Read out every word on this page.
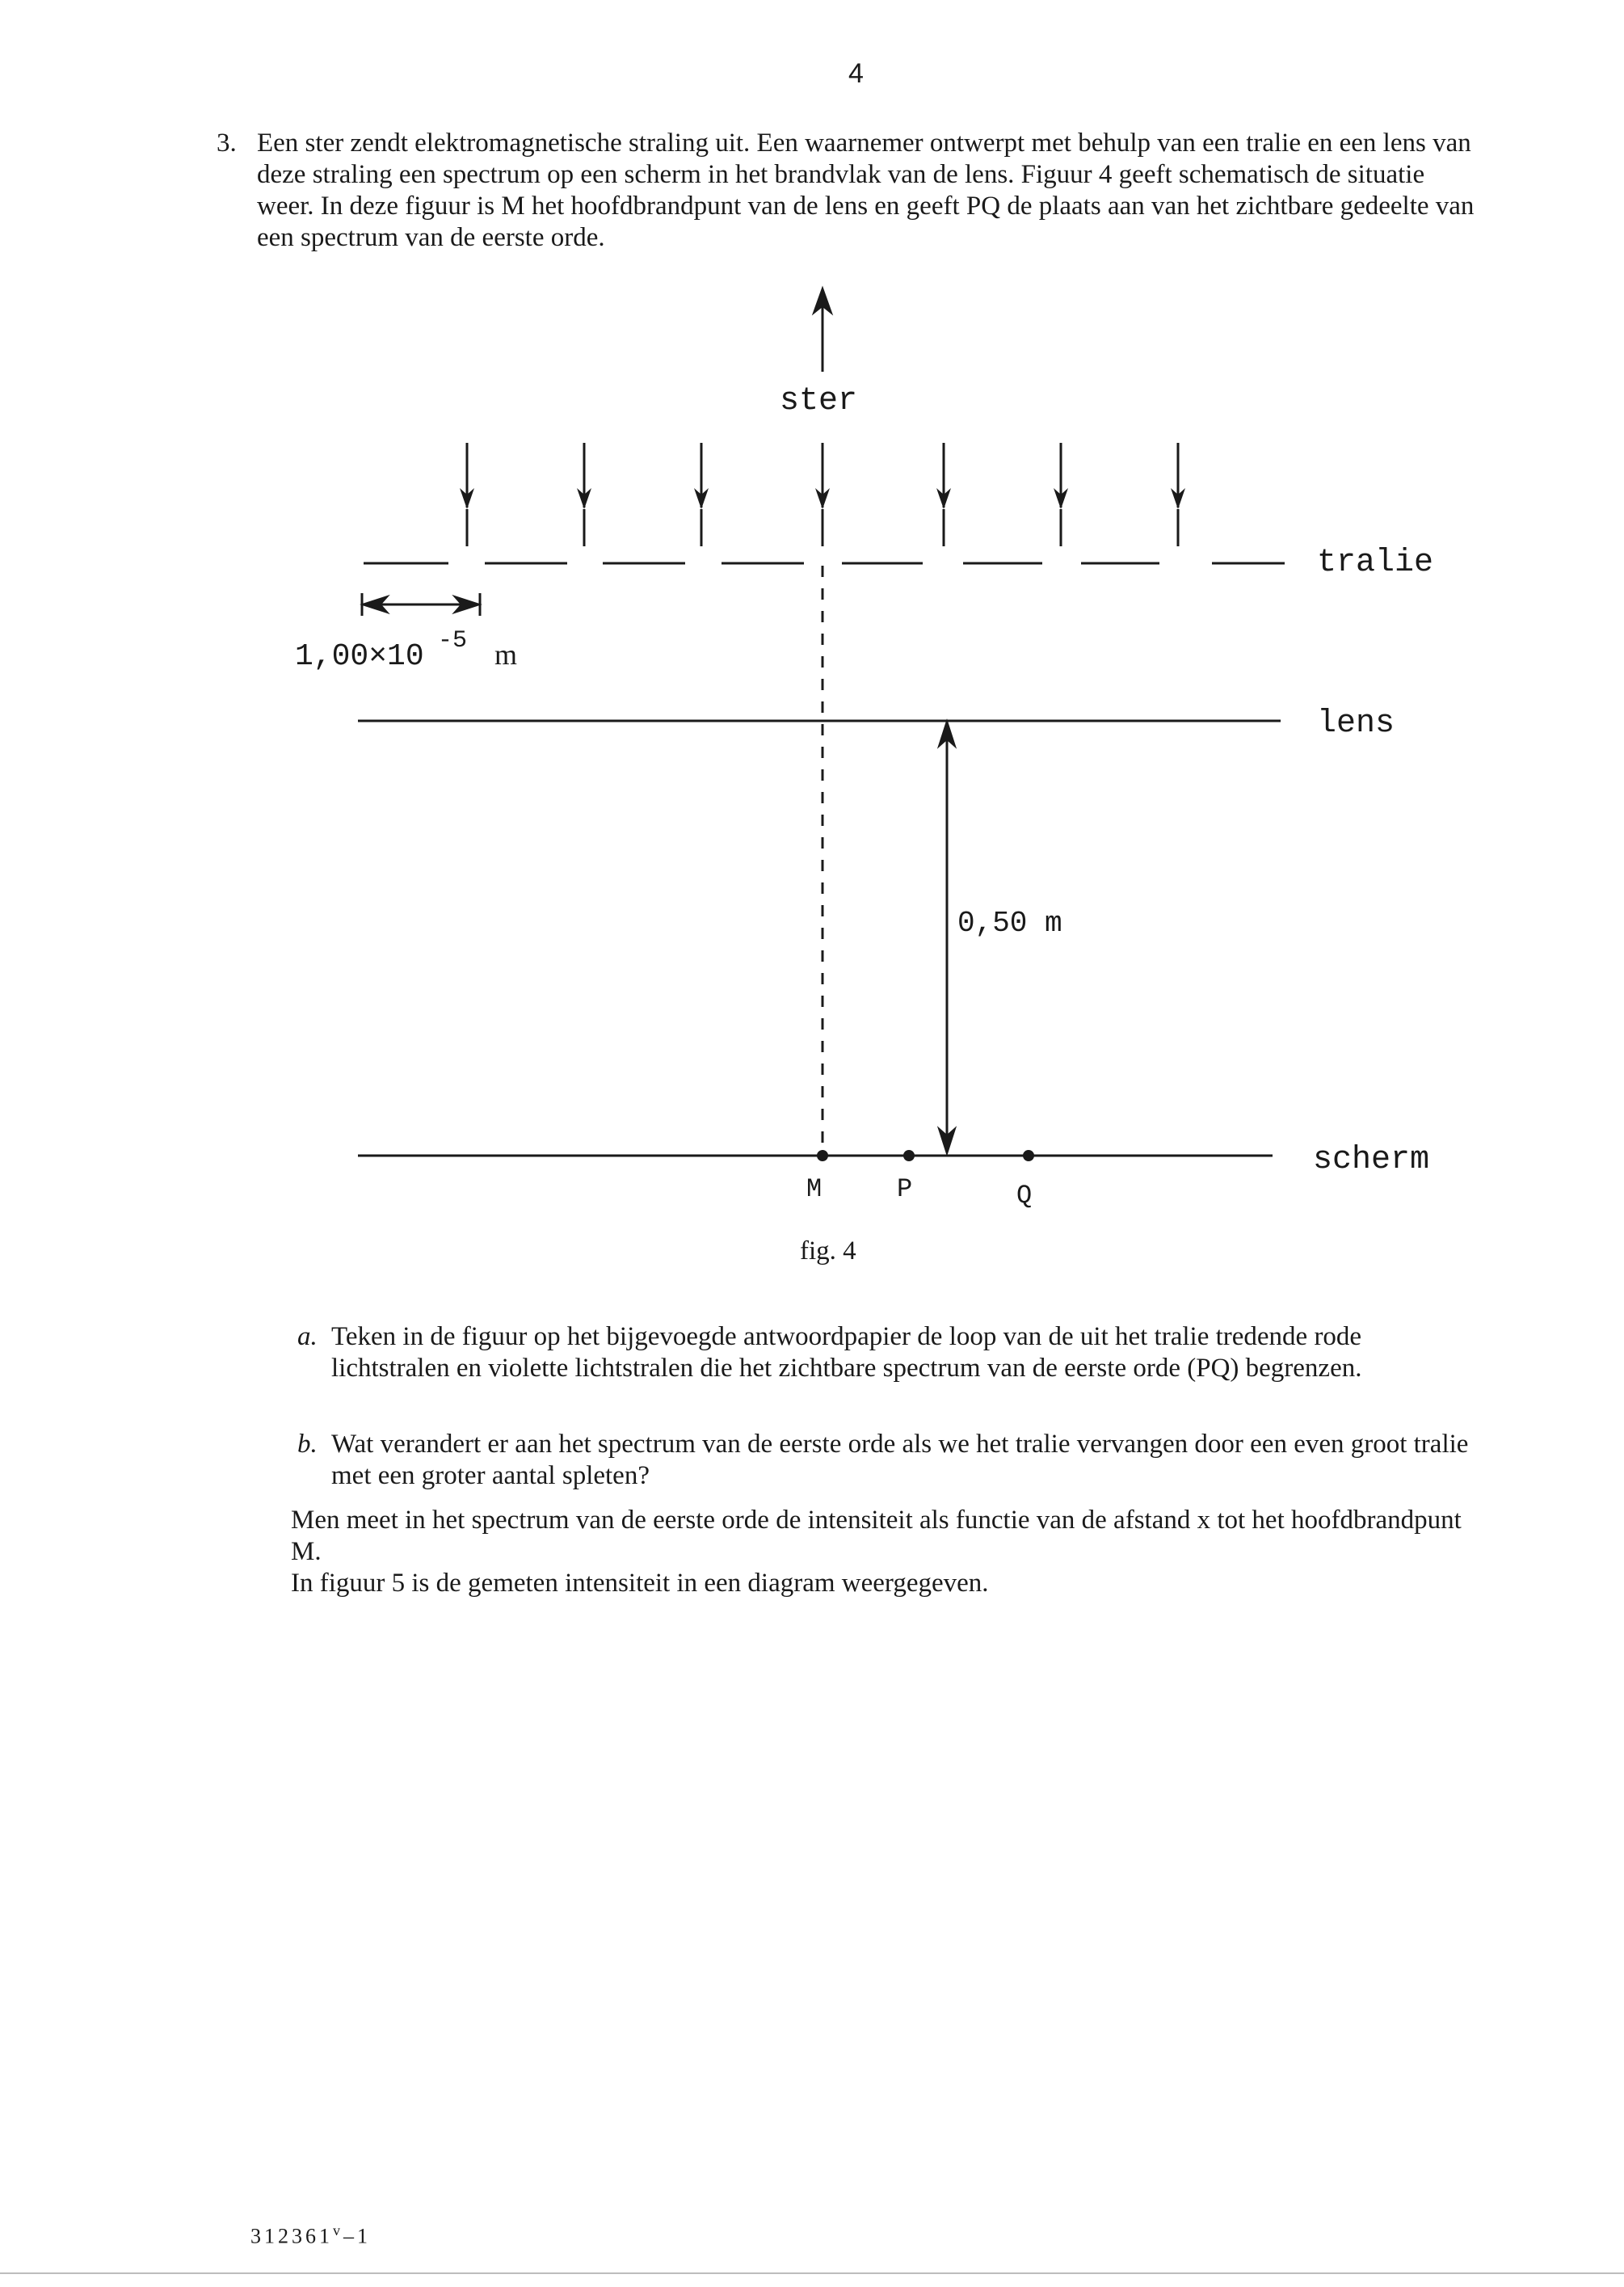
4
3. Een ster zendt elektromagnetische straling uit. Een waarnemer ontwerpt met behulp van een tralie en een lens van deze straling een spectrum op een scherm in het brandvlak van de lens. Figuur 4 geeft schematisch de situatie weer. In deze figuur is M het hoofdbrandpunt van de lens en geeft PQ de plaats aan van het zichtbare gedeelte van een spectrum van de eerste orde.
ster
tralie
lens
scherm
1,00×10 -5 m
0,50 m
M	P	Q
fig. 4
a. Teken in de figuur op het bijgevoegde antwoordpapier de loop van de uit het tralie tredende rode lichtstralen en violette lichtstralen die het zichtbare spectrum van de eerste orde (PQ) begrenzen.
b. Wat verandert er aan het spectrum van de eerste orde als we het tralie vervangen door een even groot tralie met een groter aantal spleten?
Men meet in het spectrum van de eerste orde de intensiteit als functie van de afstand x tot het hoofdbrandpunt M.
In figuur 5 is de gemeten intensiteit in een diagram weergegeven.
312361$^v$–1
